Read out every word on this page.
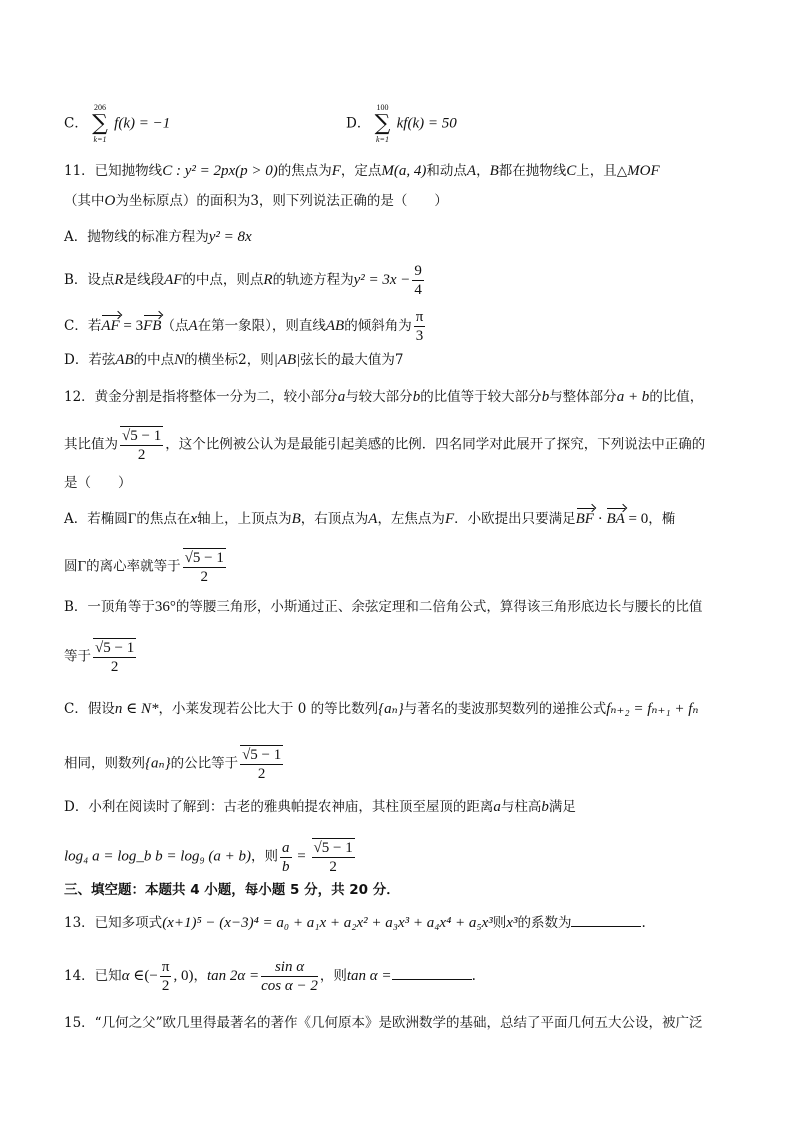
C．
206
∑
k=1
f(k) = −1	D．
100
∑
k=1
kf(k) = 50
11．已知抛物线C : y² = 2px(p > 0)的焦点为F，定点M(a, 4)和动点A，B都在抛物线C上，且△MOF
（其中O为坐标原点）的面积为3，则下列说法正确的是（　　）
A．抛物线的标准方程为y² = 8x
B．设点R是线段AF的中点，则点R的轨迹方程为$y^2 = 3x - \frac{9}{4}$
C．若AF = 3FB（点A在第一象限），则直线AB的倾斜角为 $\frac{\pi}{3}$
D．若弦AB的中点N的横坐标2，则|AB|弦长的最大值为7
12．黄金分割是指将整体一分为二，较小部分a与较大部分b的比值等于较大部分b与整体部分a + b的比值，
其比值为 $\frac{√5 - 1}{2}$ ，这个比例被公认为是最能引起美感的比例．四名同学对此展开了探究，下列说法中正确的
是（　　）
A．若椭圆Γ的焦点在x轴上，上顶点为B，右顶点为A，左焦点为F．小欧提出只要满足BF · BA = 0，椭
圆Γ的离心率就等于 $\frac{√5 - 1}{2}$
B．一顶角等于36°的等腰三角形，小斯通过正、余弦定理和二倍角公式，算得该三角形底边长与腰长的比值
等于 $\frac{√5 - 1}{2}$
C．假设n ∈ N*，小莱发现若公比大于 0 的等比数列{aₙ}与著名的斐波那契数列的递推公式fₙ₊₂ = fₙ₊₁ + fₙ
相同，则数列{aₙ}的公比等于 $\frac{√5 - 1}{2}$
D．小利在阅读时了解到：古老的雅典帕提农神庙，其柱顶至屋顶的距离a与柱高b满足
log₄ a = log_b b = log₉ (a + b)，则 $\frac{a}{b} = \frac{√5 - 1}{2}$
三、填空题：本题共 4 小题，每小题 5 分，共 20 分．
13．已知多项式(x+1)⁵ − (x−3)⁴ = a₀ + a₁x + a₂x² + a₃x³ + a₄x⁴ + a₅x³则x³的系数为	.
14．已知α ∈(− $\frac{\pi}{2}$ , 0)，$\tan 2\alpha = \frac{\text{sin α}}{\text{cos α − 2}}$ ，则tan α =	.
15．“几何之父”欧几里得最著名的著作《几何原本》是欧洲数学的基础，总结了平面几何五大公设，被广泛
